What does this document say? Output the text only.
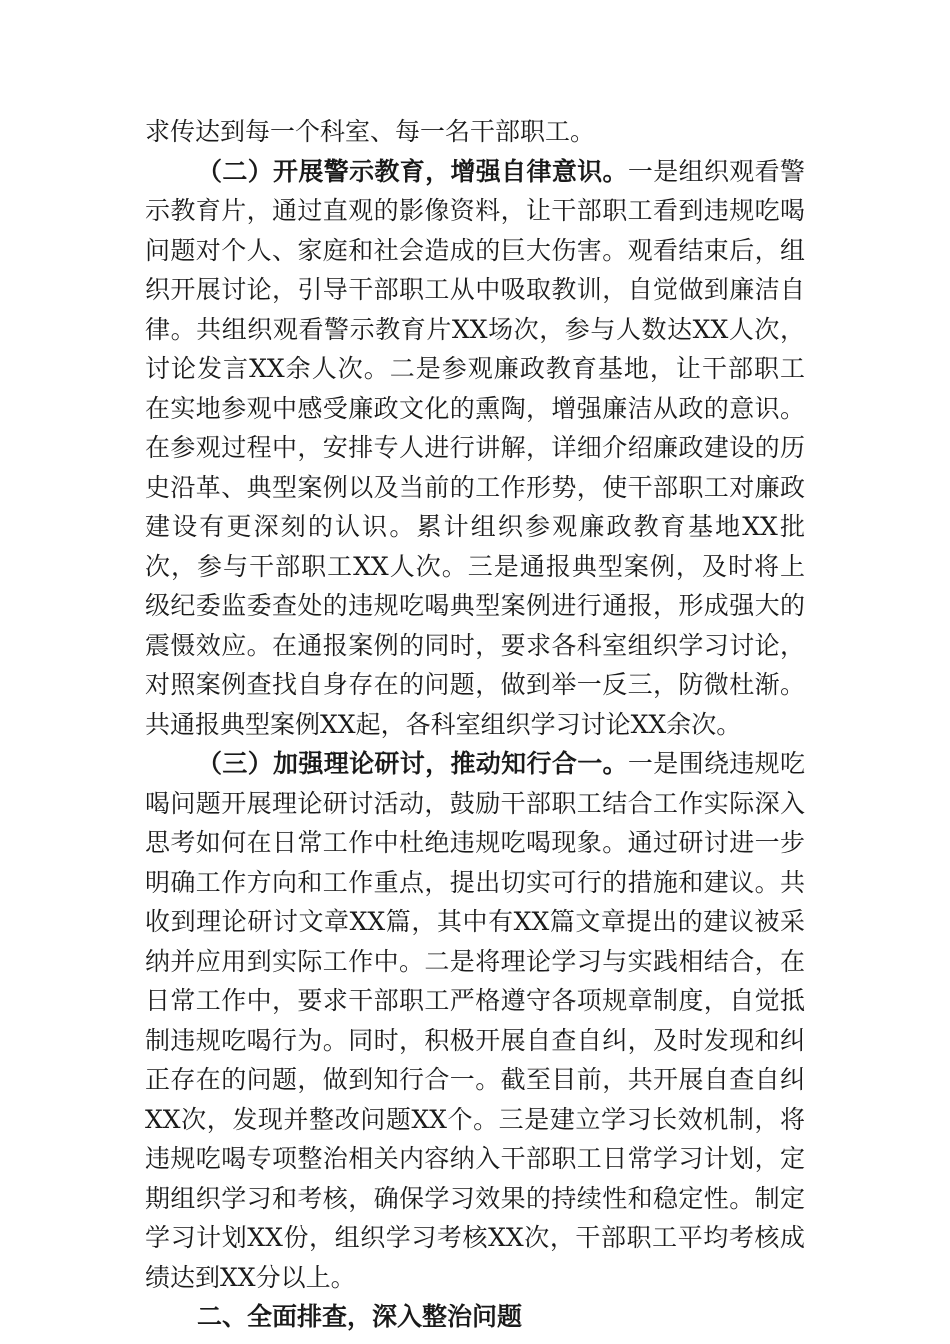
求传达到每一个科室、每一名干部职工。

（二）开展警示教育，增强自律意识。一是组织观看警示教育片，通过直观的影像资料，让干部职工看到违规吃喝问题对个人、家庭和社会造成的巨大伤害。观看结束后，组织开展讨论，引导干部职工从中吸取教训，自觉做到廉洁自律。共组织观看警示教育片XX场次，参与人数达XX人次，讨论发言XX余人次。二是参观廉政教育基地，让干部职工在实地参观中感受廉政文化的熏陶，增强廉洁从政的意识。在参观过程中，安排专人进行讲解，详细介绍廉政建设的历史沿革、典型案例以及当前的工作形势，使干部职工对廉政建设有更深刻的认识。累计组织参观廉政教育基地XX批次，参与干部职工XX人次。三是通报典型案例，及时将上级纪委监委查处的违规吃喝典型案例进行通报，形成强大的震慑效应。在通报案例的同时，要求各科室组织学习讨论，对照案例查找自身存在的问题，做到举一反三，防微杜渐。共通报典型案例XX起，各科室组织学习讨论XX余次。

（三）加强理论研讨，推动知行合一。一是围绕违规吃喝问题开展理论研讨活动，鼓励干部职工结合工作实际深入思考如何在日常工作中杜绝违规吃喝现象。通过研讨进一步明确工作方向和工作重点，提出切实可行的措施和建议。共收到理论研讨文章XX篇，其中有XX篇文章提出的建议被采纳并应用到实际工作中。二是将理论学习与实践相结合，在日常工作中，要求干部职工严格遵守各项规章制度，自觉抵制违规吃喝行为。同时，积极开展自查自纠，及时发现和纠正存在的问题，做到知行合一。截至目前，共开展自查自纠XX次，发现并整改问题XX个。三是建立学习长效机制，将违规吃喝专项整治相关内容纳入干部职工日常学习计划，定期组织学习和考核，确保学习效果的持续性和稳定性。制定学习计划XX份，组织学习考核XX次，干部职工平均考核成绩达到XX分以上。

二、全面排查，深入整治问题
